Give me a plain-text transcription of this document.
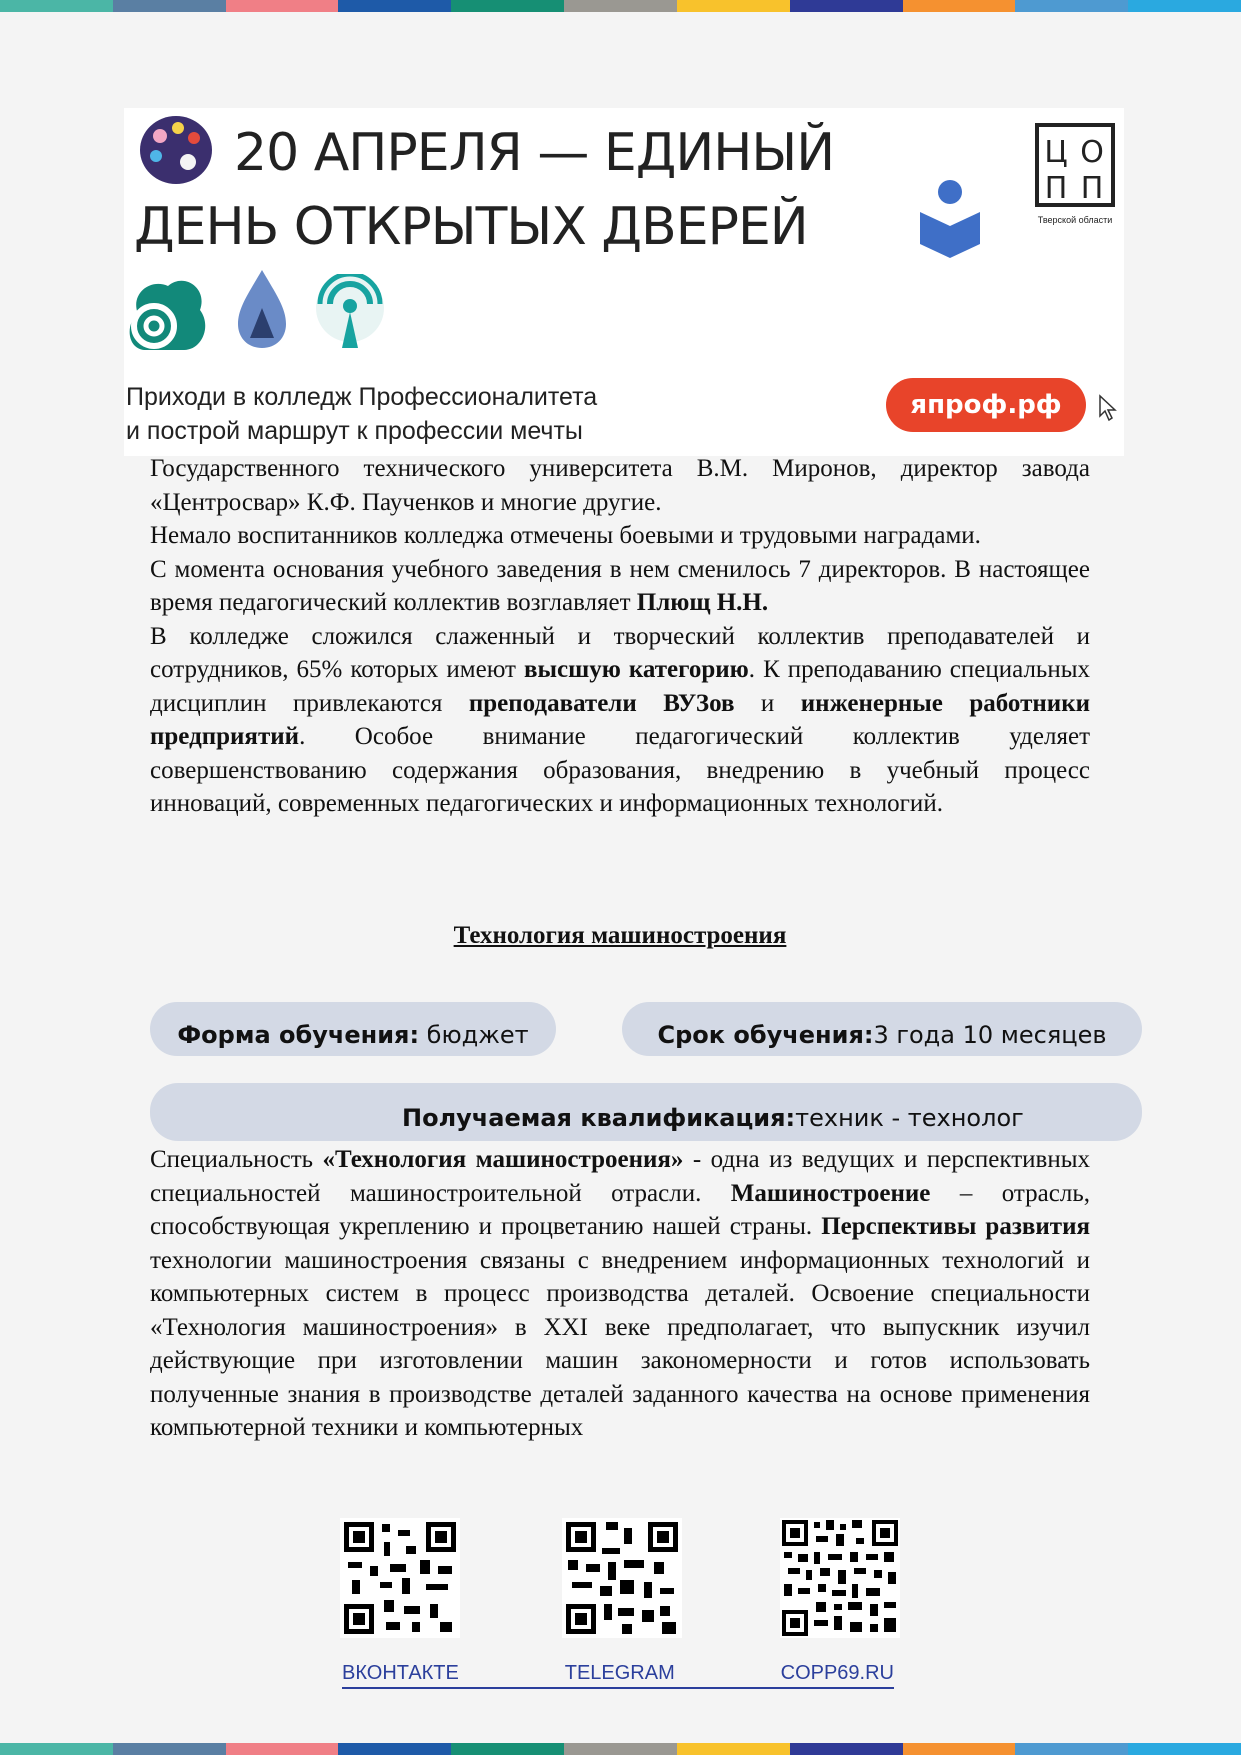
20 АПРЕЛЯ — ЕДИНЫЙ
ДЕНЬ ОТКРЫТЫХ ДВЕРЕЙ
Ц О
П П
Тверской области
Приходи в колледж Профессионалитета
и построй маршрут к профессии мечты
япроф.рф

Государственного технического университета В.М. Миронов, директор завода «Центросвар» К.Ф. Паученков и многие другие.

Немало воспитанников колледжа отмечены боевыми и трудовыми наградами.

С момента основания учебного заведения в нем сменилось 7 директоров. В настоящее время педагогический коллектив возглавляет Плющ Н.Н.

В колледже сложился слаженный и творческий коллектив преподавателей и сотрудников, 65% которых имеют высшую категорию. К преподаванию специальных дисциплин привлекаются преподаватели ВУЗов и инженерные работники предприятий. Особое внимание педагогический коллектив уделяет совершенствованию содержания образования, внедрению в учебный процесс инноваций, современных педагогических и информационных технологий.

Технология машиностроения
Форма обучения: бюджет	Срок обучения:3 года 10 месяцев
Получаемая квалификация:техник - технолог

Специальность «Технология машиностроения» - одна из ведущих и перспективных специальностей машиностроительной отрасли. Машиностроение – отрасль, способствующая укреплению и процветанию нашей страны. Перспективы развития технологии машиностроения связаны с внедрением информационных технологий и компьютерных систем в процесс производства деталей. Освоение специальности «Технология машиностроения» в XXI веке предполагает, что выпускник изучил действующие при изготовлении машин закономерности и готов использовать полученные знания в производстве деталей заданного качества на основе применения компьютерной техники и компьютерных

ВКОНТАКТЕ	TELEGRAM	COPP69.RU
